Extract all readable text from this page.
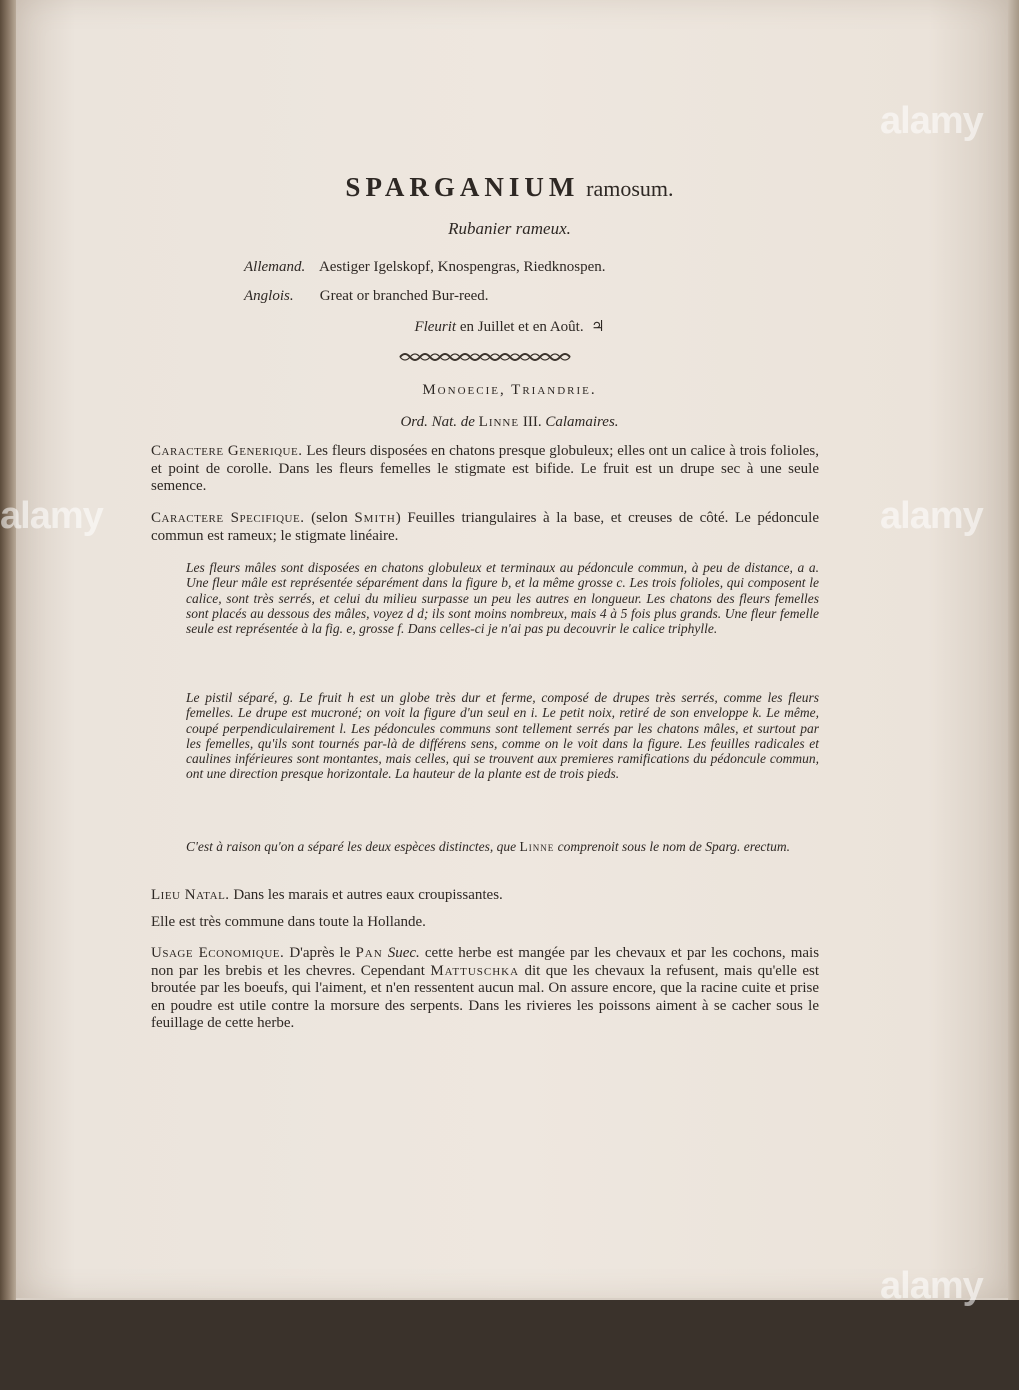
alamy
alamy	alamy
alamy
SPARGANIUM ramosum.
Rubanier rameux.
Allemand. Aestiger Igelskopf, Knospengras, Riedknospen.
Anglois. Great or branched Bur-reed.
Fleurit en Juillet et en Août. ♃
Monoecie, Triandrie.
Ord. Nat. de Linne III. Calamaires.
Caractere Generique. Les fleurs disposées en chatons presque globuleux; elles ont un calice à trois folioles, et point de corolle. Dans les fleurs femelles le stigmate est bifide. Le fruit est un drupe sec à une seule semence.
Caractere Specifique. (selon Smith) Feuilles triangulaires à la base, et creuses de côté. Le pédoncule commun est rameux; le stigmate linéaire.
Les fleurs mâles sont disposées en chatons globuleux et terminaux au pédoncule commun, à peu de distance, a a. Une fleur mâle est représentée séparément dans la figure b, et la même grosse c. Les trois folioles, qui composent le calice, sont très serrés, et celui du milieu surpasse un peu les autres en longueur. Les chatons des fleurs femelles sont placés au dessous des mâles, voyez d d; ils sont moins nombreux, mais 4 à 5 fois plus grands. Une fleur femelle seule est représentée à la fig. e, grosse f. Dans celles-ci je n'ai pas pu decouvrir le calice triphylle.
Le pistil séparé, g. Le fruit h est un globe très dur et ferme, composé de drupes très serrés, comme les fleurs femelles. Le drupe est mucroné; on voit la figure d'un seul en i. Le petit noix, retiré de son enveloppe k. Le même, coupé perpendiculairement l. Les pédoncules communs sont tellement serrés par les chatons mâles, et surtout par les femelles, qu'ils sont tournés par-là de différens sens, comme on le voit dans la figure. Les feuilles radicales et caulines inférieures sont montantes, mais celles, qui se trouvent aux premieres ramifications du pédoncule commun, ont une direction presque horizontale. La hauteur de la plante est de trois pieds.
C'est à raison qu'on a séparé les deux espèces distinctes, que Linne comprenoit sous le nom de Sparg. erectum.
Lieu Natal. Dans les marais et autres eaux croupissantes.
Elle est très commune dans toute la Hollande.
Usage Economique. D'après le Pan Suec. cette herbe est mangée par les chevaux et par les cochons, mais non par les brebis et les chevres. Cependant Mattuschka dit que les chevaux la refusent, mais qu'elle est broutée par les boeufs, qui l'aiment, et n'en ressentent aucun mal. On assure encore, que la racine cuite et prise en poudre est utile contre la morsure des serpents. Dans les rivieres les poissons aiment à se cacher sous le feuillage de cette herbe.
